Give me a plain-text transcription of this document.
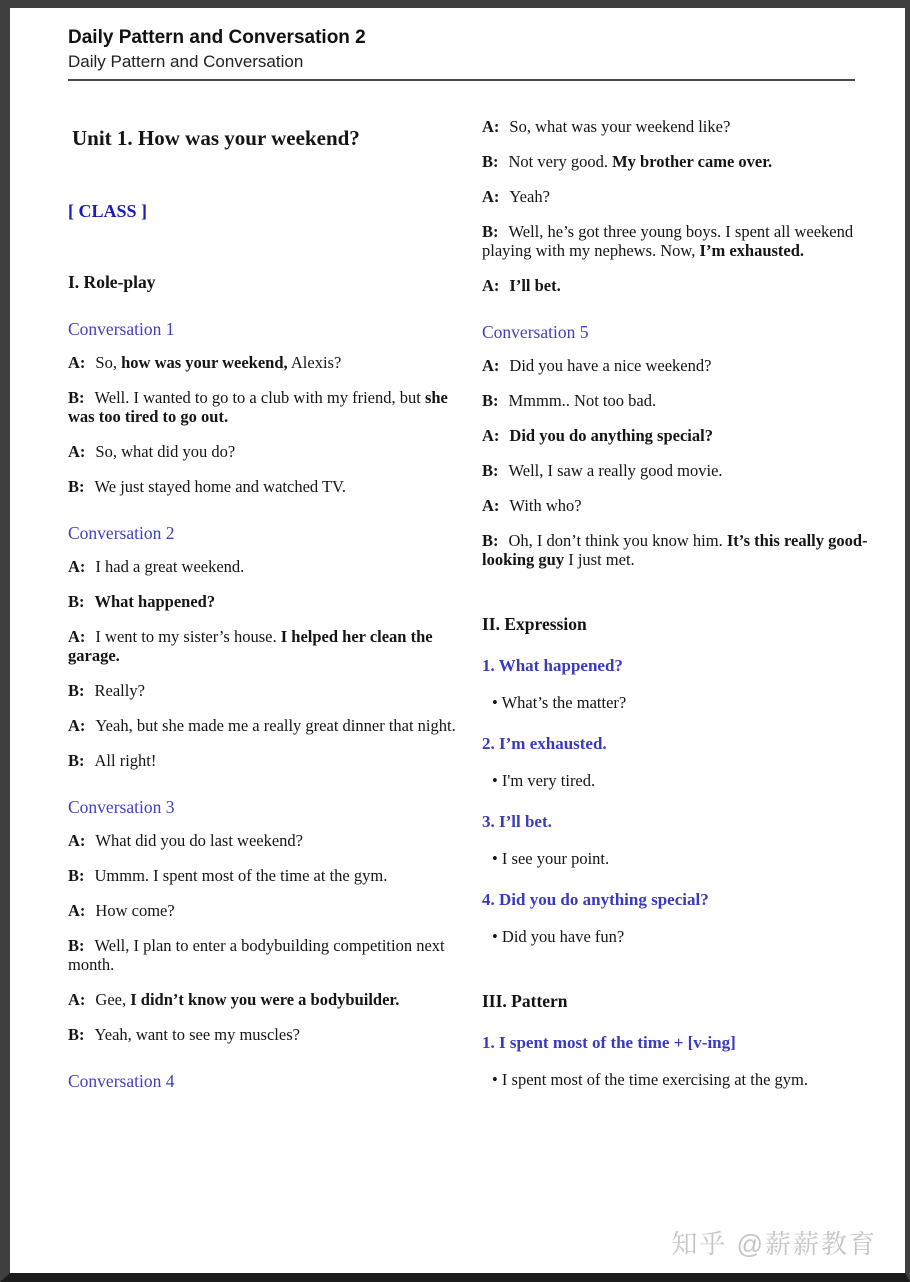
Daily Pattern and Conversation 2
Daily Pattern and Conversation
Unit 1. How was your weekend?
[ CLASS ]
I. Role-play
Conversation 1

A: So, how was your weekend, Alexis?

B: Well. I wanted to go to a club with my friend, but she was too tired to go out.

A: So, what did you do?

B: We just stayed home and watched TV.

Conversation 2

A: I had a great weekend.

B: What happened?

A: I went to my sister’s house. I helped her clean the garage.

B: Really?

A: Yeah, but she made me a really great dinner that night.

B: All right!

Conversation 3

A: What did you do last weekend?

B: Ummm. I spent most of the time at the gym.

A: How come?

B: Well, I plan to enter a bodybuilding competition next month.

A: Gee, I didn’t know you were a bodybuilder.

B: Yeah, want to see my muscles?

Conversation 4

A: So, what was your weekend like?

B: Not very good. My brother came over.

A: Yeah?

B: Well, he’s got three young boys. I spent all weekend playing with my nephews. Now, I’m exhausted.

A: I’ll bet.

Conversation 5

A: Did you have a nice weekend?

B: Mmmm.. Not too bad.

A: Did you do anything special?

B: Well, I saw a really good movie.

A: With who?

B: Oh, I don’t think you know him. It’s this really good-looking guy I just met.

II. Expression
1. What happened?

• What’s the matter?

2. I’m exhausted.

• I'm very tired.

3. I’ll bet.

• I see your point.

4. Did you do anything special?

• Did you have fun?

III. Pattern
1. I spent most of the time + [v-ing]

• I spent most of the time exercising at the gym.

知乎 @薪薪教育
